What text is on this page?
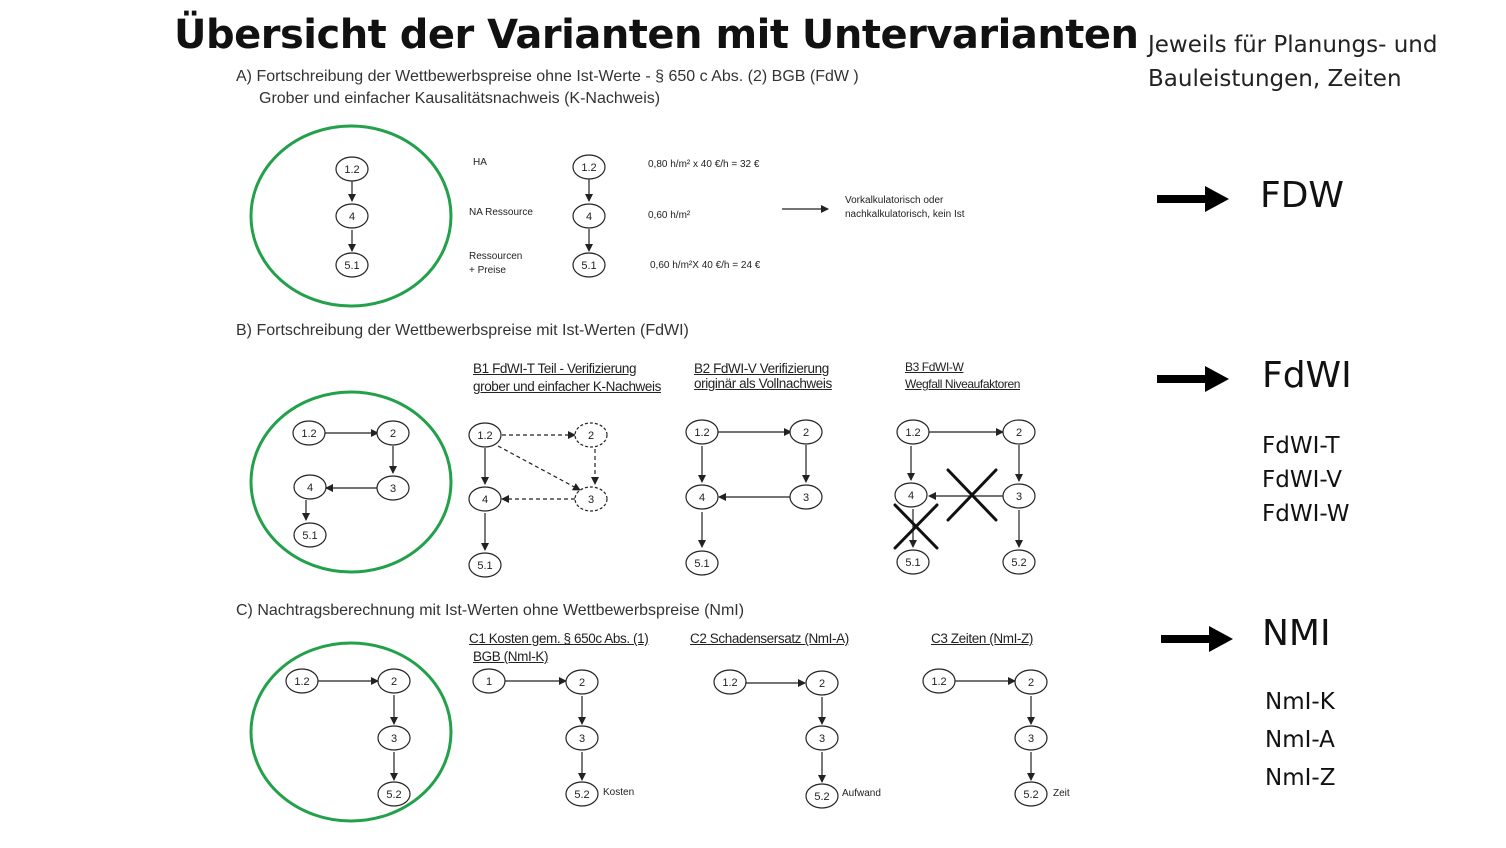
Übersicht der Varianten mit Untervarianten Jeweils für Planungs- und
Bauleistungen, Zeiten
A) Fortschreibung der Wettbewerbspreise ohne Ist-Werte - § 650 c Abs. (2) BGB (FdW )
Grober und einfacher Kausalitätsnachweis (K-Nachweis)
HA
NA Ressource
Ressourcen
+ Preise
0,80 h/m² x 40 €/h = 32 €
0,60 h/m²
0,60 h/m²X 40 €/h = 24 €
Vorkalkulatorisch oder
nachkalkulatorisch, kein Ist
B) Fortschreibung der Wettbewerbspreise mit Ist-Werten (FdWI)
B1 FdWI-T Teil - Verifizierung
grober und einfacher K-Nachweis
B2 FdWI-V Verifizierung
originär als Vollnachweis
B3 FdWI-W
Wegfall Niveaufaktoren
C) Nachtragsberechnung mit Ist-Werten ohne Wettbewerbspreise (NmI)
C1 Kosten gem. § 650c Abs. (1)
BGB (NmI-K)
C2 Schadensersatz (NmI-A)	C3 Zeiten (NmI-Z)
Kosten	Aufwand	Zeit
FDW
FdWI
FdWI-T
FdWI-V
FdWI-W
NMI
NmI-K
NmI-A
NmI-Z
1.2
4
5.1
1.2
4
5.1
1.2	2
3
4
5.1
1.2	2
3
4
5.1
1.2	2
3
4
5.1
1.2	2
3
4
5.1	5.2
1.2	2
3
5.2
1	2
3
5.2
1.2	2
3
5.2
1.2	2
3
5.2
